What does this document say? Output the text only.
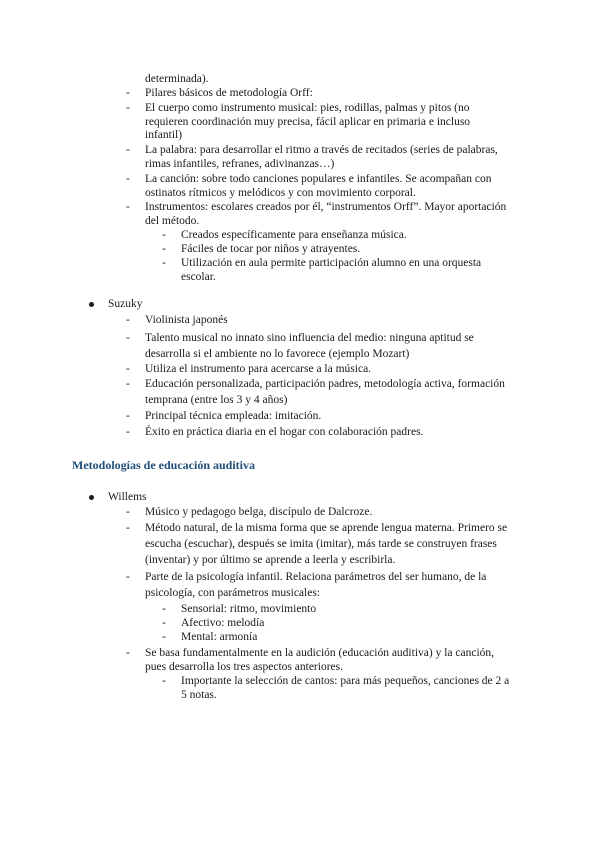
determinada).
- Pilares básicos de metodología Orff:
- El cuerpo como instrumento musical: pies, rodillas, palmas y pitos (no
requieren coordinación muy precisa, fácil aplicar en primaria e incluso
infantil)
- La palabra: para desarrollar el ritmo a través de recitados (series de palabras,
rimas infantiles, refranes, adivinanzas…)
- La canción: sobre todo canciones populares e infantiles. Se acompañan con
ostinatos rítmicos y melódicos y con movimiento corporal.
- Instrumentos: escolares creados por él, “instrumentos Orff”. Mayor aportación
del método.
- Creados específicamente para enseñanza música.
- Fáciles de tocar por niños y atrayentes.
- Utilización en aula permite participación alumno en una orquesta
escolar.
Suzuky
- Violinista japonés
- Talento musical no innato sino influencia del medio: ninguna aptitud se
desarrolla si el ambiente no lo favorece (ejemplo Mozart)
- Utiliza el instrumento para acercarse a la música.
- Educación personalizada, participación padres, metodología activa, formación
temprana (entre los 3 y 4 años)
- Principal técnica empleada: imitación.
- Éxito en práctica diaria en el hogar con colaboración padres.
Metodologías de educación auditiva
Willems
- Músico y pedagogo belga, discípulo de Dalcroze.
- Método natural, de la misma forma que se aprende lengua materna. Primero se
escucha (escuchar), después se imita (imitar), más tarde se construyen frases
(inventar) y por último se aprende a leerla y escribirla.
- Parte de la psicología infantil. Relaciona parámetros del ser humano, de la
psicología, con parámetros musicales:
- Sensorial: ritmo, movimiento
- Afectivo: melodía
- Mental: armonía
- Se basa fundamentalmente en la audición (educación auditiva) y la canción,
pues desarrolla los tres aspectos anteriores.
- Importante la selección de cantos: para más pequeños, canciones de 2 a
5 notas.
